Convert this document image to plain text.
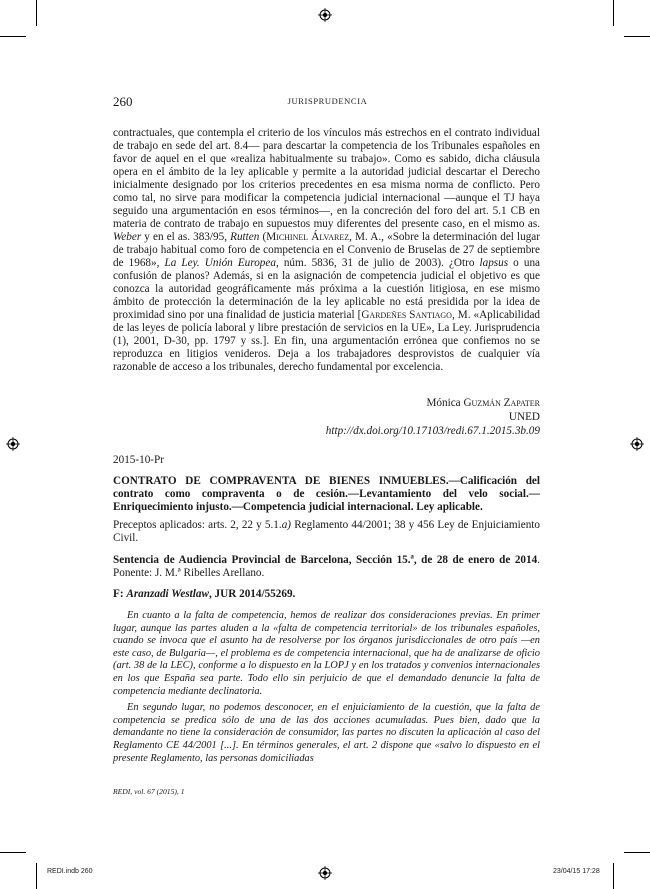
260	JURISPRUDENCIA

contractuales, que contempla el criterio de los vínculos más estrechos en el contrato individual de trabajo en sede del art. 8.4— para descartar la competencia de los Tribunales españoles en favor de aquel en el que «realiza habitualmente su trabajo». Como es sabido, dicha cláusula opera en el ámbito de la ley aplicable y permite a la autoridad judicial descartar el Derecho inicialmente designado por los criterios precedentes en esa misma norma de conflicto. Pero como tal, no sirve para modificar la competencia judicial internacional —aunque el TJ haya seguido una argumentación en esos términos—, en la concreción del foro del art. 5.1 CB en materia de contrato de trabajo en supuestos muy diferentes del presente caso, en el mismo as. Weber y en el as. 383/95, Rutten (Michinel Álvarez, M. A., «Sobre la determinación del lugar de trabajo habitual como foro de competencia en el Convenio de Bruselas de 27 de septiembre de 1968», La Ley. Unión Europea, núm. 5836, 31 de julio de 2003). ¿Otro lapsus o una confusión de planos? Además, si en la asignación de competencia judicial el objetivo es que conozca la autoridad geográficamente más próxima a la cuestión litigiosa, en ese mismo ámbito de protección la determinación de la ley aplicable no está presidida por la idea de proximidad sino por una finalidad de justicia material [Gardeñes Santiago, M. «Aplicabilidad de las leyes de policía laboral y libre prestación de servicios en la UE», La Ley. Jurisprudencia (1), 2001, D-30, pp. 1797 y ss.]. En fin, una argumentación errónea que confiemos no se reproduzca en litigios venideros. Deja a los trabajadores desprovistos de cualquier vía razonable de acceso a los tribunales, derecho fundamental por excelencia.

Mónica Guzmán Zapater
UNED
http://dx.doi.org/10.17103/redi.67.1.2015.3b.09
2015-10-Pr
CONTRATO DE COMPRAVENTA DE BIENES INMUEBLES.—Calificación del contrato como compraventa o de cesión.—Levantamiento del velo social.—Enriquecimiento injusto.—Competencia judicial internacional. Ley aplicable.
Preceptos aplicados: arts. 2, 22 y 5.1.a) Reglamento 44/2001; 38 y 456 Ley de Enjuiciamiento Civil.
Sentencia de Audiencia Provincial de Barcelona, Sección 15.ª, de 28 de enero de 2014. Ponente: J. M.ª Ribelles Arellano.
F: Aranzadi Westlaw, JUR 2014/55269.

En cuanto a la falta de competencia, hemos de realizar dos consideraciones previas. En primer lugar, aunque las partes aluden a la «falta de competencia territorial» de los tribunales españoles, cuando se invoca que el asunto ha de resolverse por los órganos jurisdiccionales de otro país —en este caso, de Bulgaria—, el problema es de competencia internacional, que ha de analizarse de oficio (art. 38 de la LEC), conforme a lo dispuesto en la LOPJ y en los tratados y convenios internacionales en los que España sea parte. Todo ello sin perjuicio de que el demandado denuncie la falta de competencia mediante declinatoria.

En segundo lugar, no podemos desconocer, en el enjuiciamiento de la cuestión, que la falta de competencia se predica sólo de una de las dos acciones acumuladas. Pues bien, dado que la demandante no tiene la consideración de consumidor, las partes no discuten la aplicación al caso del Reglamento CE 44/2001 [...]. En términos generales, el art. 2 dispone que «salvo lo dispuesto en el presente Reglamento, las personas domiciliadas

REDI, vol. 67 (2015), 1
REDI.indb 260	23/04/15 17:28
